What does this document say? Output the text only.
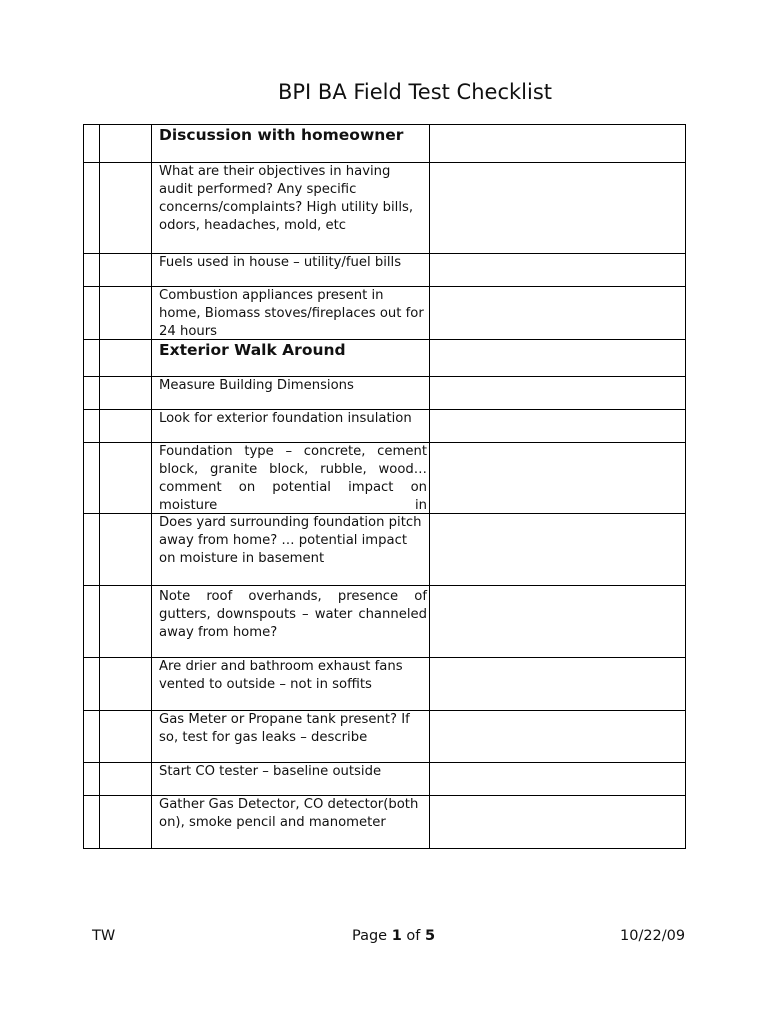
BPI BA Field Test Checklist

		Discussion with homeowner	

		What are their objectives in having audit performed? Any specific concerns/complaints? High utility bills, odors, headaches, mold, etc	

		Fuels used in house – utility/fuel bills	

		Combustion appliances present in home, Biomass stoves/fireplaces out for 24 hours	

		Exterior Walk Around	

		Measure Building Dimensions	

		Look for exterior foundation insulation	

		Foundation type – concrete, cement block, granite block, rubble, wood… comment on potential impact on moisture in	

		Does yard surrounding foundation pitch away from home? … potential impact on moisture in basement	

		Note roof overhands, presence of gutters, downspouts – water channeled away from home?	

		Are drier and bathroom exhaust fans vented to outside – not in soffits	

		Gas Meter or Propane tank present? If so, test for gas leaks – describe	

		Start CO tester – baseline outside	

		Gather Gas Detector, CO detector(both on), smoke pencil and manometer	

TW	Page 1 of 5	10/22/09
